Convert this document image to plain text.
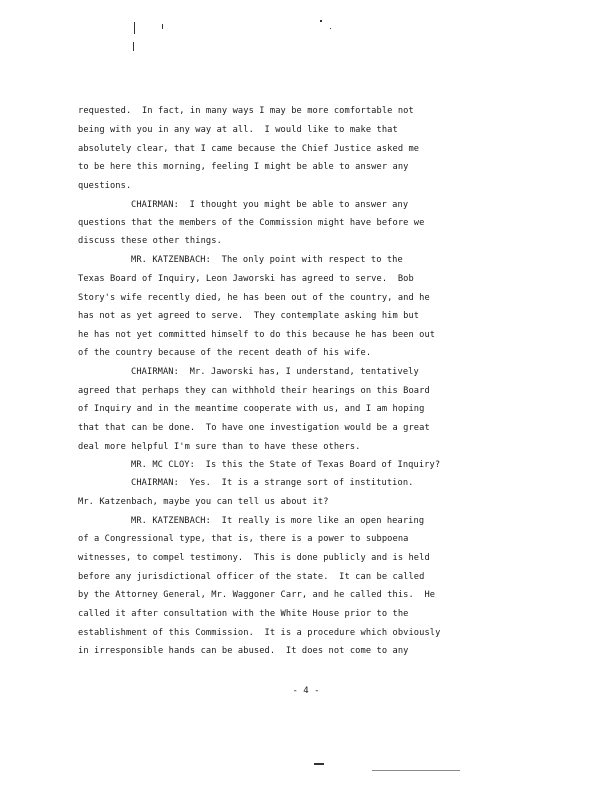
requested.  In fact, in many ways I may be more comfortable not

being with you in any way at all.  I would like to make that

absolutely clear, that I came because the Chief Justice asked me

to be here this morning, feeling I might be able to answer any

questions.

CHAIRMAN:  I thought you might be able to answer any

questions that the members of the Commission might have before we

discuss these other things.

MR. KATZENBACH:  The only point with respect to the

Texas Board of Inquiry, Leon Jaworski has agreed to serve.  Bob

Story's wife recently died, he has been out of the country, and he

has not as yet agreed to serve.  They contemplate asking him but

he has not yet committed himself to do this because he has been out

of the country because of the recent death of his wife.

CHAIRMAN:  Mr. Jaworski has, I understand, tentatively

agreed that perhaps they can withhold their hearings on this Board

of Inquiry and in the meantime cooperate with us, and I am hoping

that that can be done.  To have one investigation would be a great

deal more helpful I'm sure than to have these others.

MR. MC CLOY:  Is this the State of Texas Board of Inquiry?

CHAIRMAN:  Yes.  It is a strange sort of institution.

Mr. Katzenbach, maybe you can tell us about it?

MR. KATZENBACH:  It really is more like an open hearing

of a Congressional type, that is, there is a power to subpoena

witnesses, to compel testimony.  This is done publicly and is held

before any jurisdictional officer of the state.  It can be called

by the Attorney General, Mr. Waggoner Carr, and he called this.  He

called it after consultation with the White House prior to the

establishment of this Commission.  It is a procedure which obviously

in irresponsible hands can be abused.  It does not come to any

- 4 -
